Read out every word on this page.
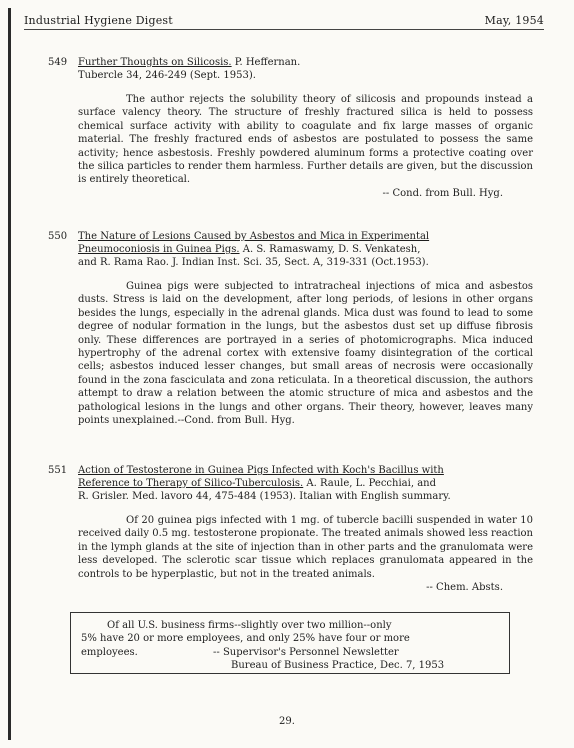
Industrial Hygiene Digest	May, 1954
549 Further Thoughts on Silicosis. P. Heffernan.
Tubercle 34, 246-249 (Sept. 1953).

The author rejects the solubility theory of silicosis and propounds instead a surface valency theory. The structure of freshly fractured silica is held to possess chemical surface activity with ability to coagulate and fix large masses of organic material. The freshly fractured ends of asbestos are postulated to possess the same activity; hence asbestosis. Freshly powdered aluminum forms a protective coating over the silica particles to render them harmless. Further details are given, but the discussion is entirely theoretical.

-- Cond. from Bull. Hyg.
550 The Nature of Lesions Caused by Asbestos and Mica in Experimental
Pneumoconiosis in Guinea Pigs. A. S. Ramaswamy, D. S. Venkatesh,
and R. Rama Rao. J. Indian Inst. Sci. 35, Sect. A, 319-331 (Oct.1953).

Guinea pigs were subjected to intratracheal injections of mica and asbestos dusts. Stress is laid on the development, after long periods, of lesions in other organs besides the lungs, especially in the adrenal glands. Mica dust was found to lead to some degree of nodular formation in the lungs, but the asbestos dust set up diffuse fibrosis only. These differences are portrayed in a series of photomicrographs. Mica induced hypertrophy of the adrenal cortex with extensive foamy disintegration of the cortical cells; asbestos induced lesser changes, but small areas of necrosis were occasionally found in the zona fasciculata and zona reticulata. In a theoretical discussion, the authors attempt to draw a relation between the atomic structure of mica and asbestos and the pathological lesions in the lungs and other organs. Their theory, however, leaves many points unexplained.--Cond. from Bull. Hyg.

551 Action of Testosterone in Guinea Pigs Infected with Koch's Bacillus with
Reference to Therapy of Silico-Tuberculosis. A. Raule, L. Pecchiai, and
R. Grisler. Med. lavoro 44, 475-484 (1953). Italian with English summary.

Of 20 guinea pigs infected with 1 mg. of tubercle bacilli suspended in water 10 received daily 0.5 mg. testosterone propionate. The treated animals showed less reaction in the lymph glands at the site of injection than in other parts and the granulomata were less developed. The sclerotic scar tissue which replaces granulomata appeared in the controls to be hyperplastic, but not in the treated animals.

-- Chem. Absts.
Of all U.S. business firms--slightly over two million--only
5% have 20 or more employees, and only 25% have four or more
employees.	-- Supervisor's Personnel Newsletter
Bureau of Business Practice, Dec. 7, 1953
29.
